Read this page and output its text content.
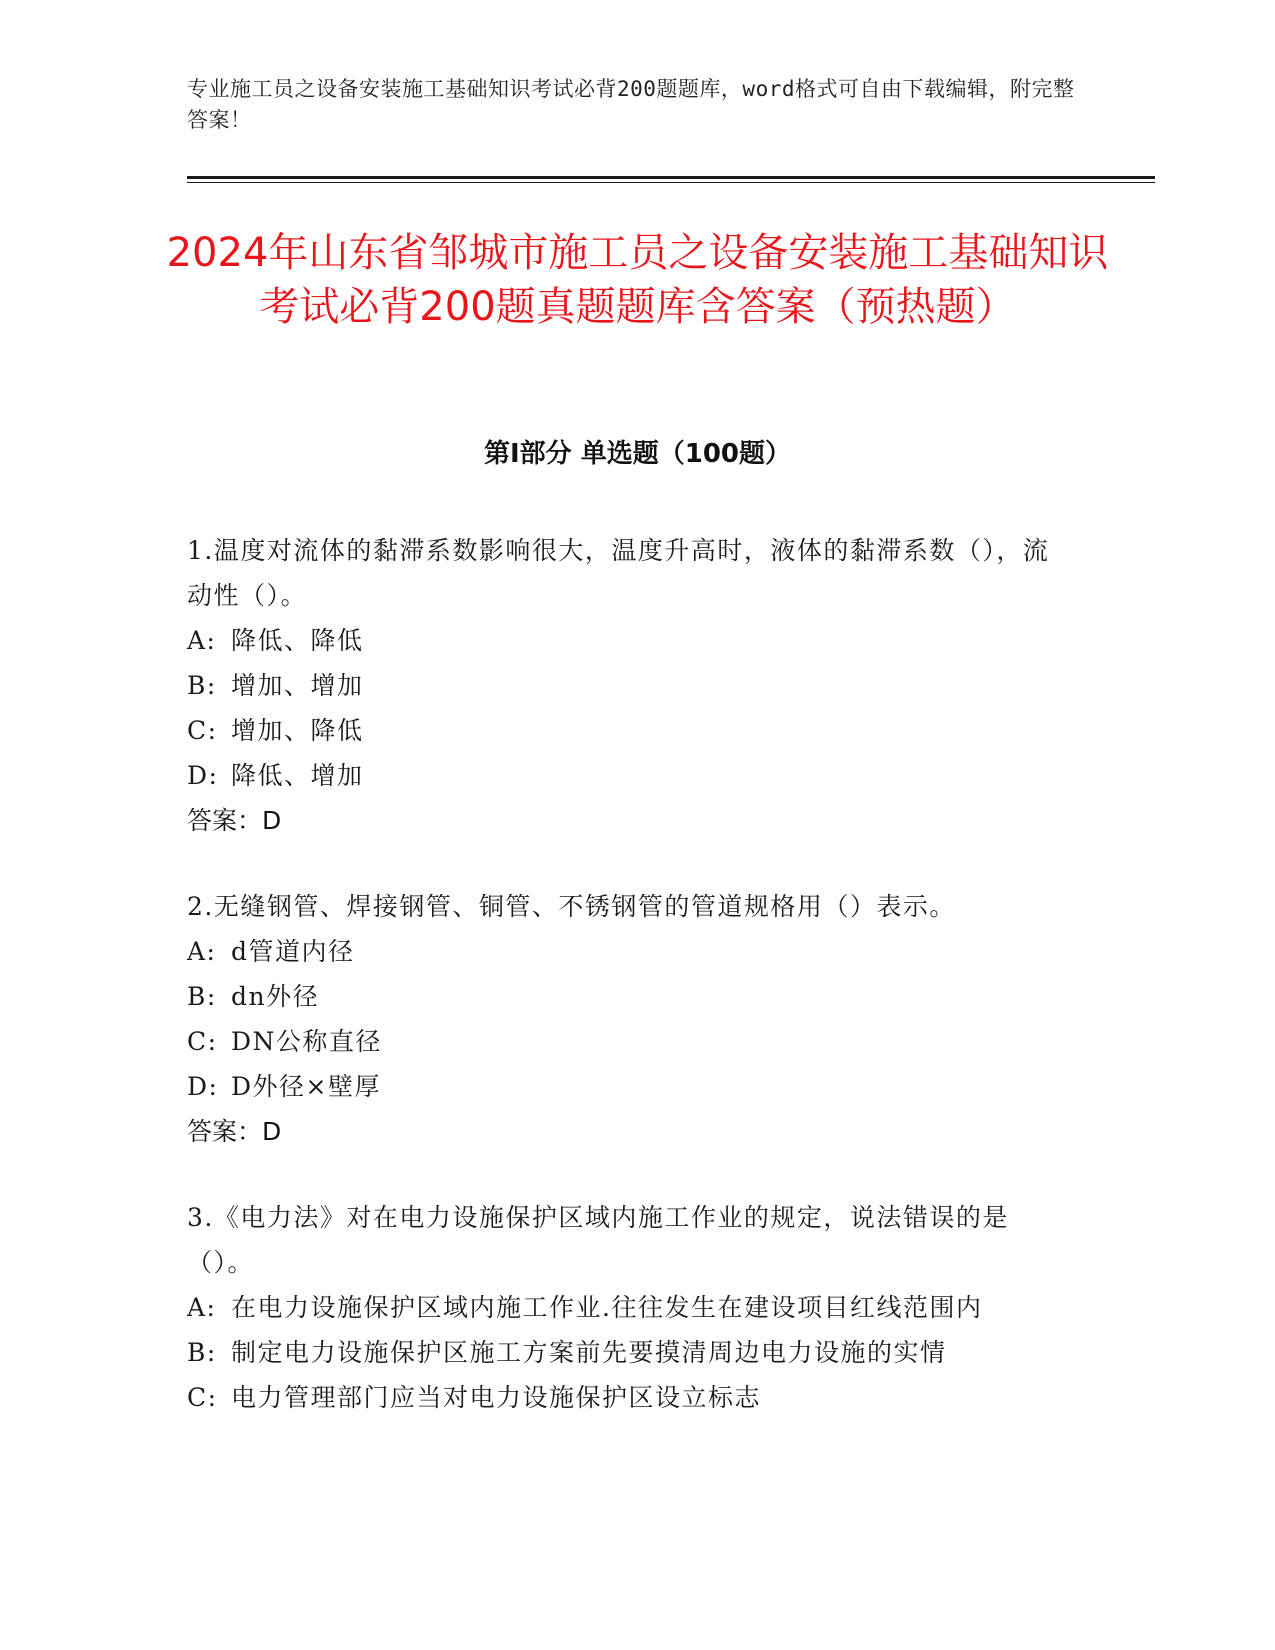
专业施工员之设备安装施工基础知识考试必背200题题库，word格式可自由下载编辑，附完整答案！
2024年山东省邹城市施工员之设备安装施工基础知识考试必背200题真题题库含答案（预热题）
第Ⅰ部分 单选题（100题）
1.温度对流体的黏滞系数影响很大，温度升高时，液体的黏滞系数（），流动性（）。
A: 降低、降低
B: 增加、增加
C: 增加、降低
D: 降低、增加
答案：D
2.无缝钢管、焊接钢管、铜管、不锈钢管的管道规格用（）表示。
A: d管道内径
B: dn外径
C: DN公称直径
D: D外径×壁厚
答案：D
3.《电力法》对在电力设施保护区域内施工作业的规定，说法错误的是（）。
A: 在电力设施保护区域内施工作业.往往发生在建设项目红线范围内
B: 制定电力设施保护区施工方案前先要摸清周边电力设施的实情
C: 电力管理部门应当对电力设施保护区设立标志
